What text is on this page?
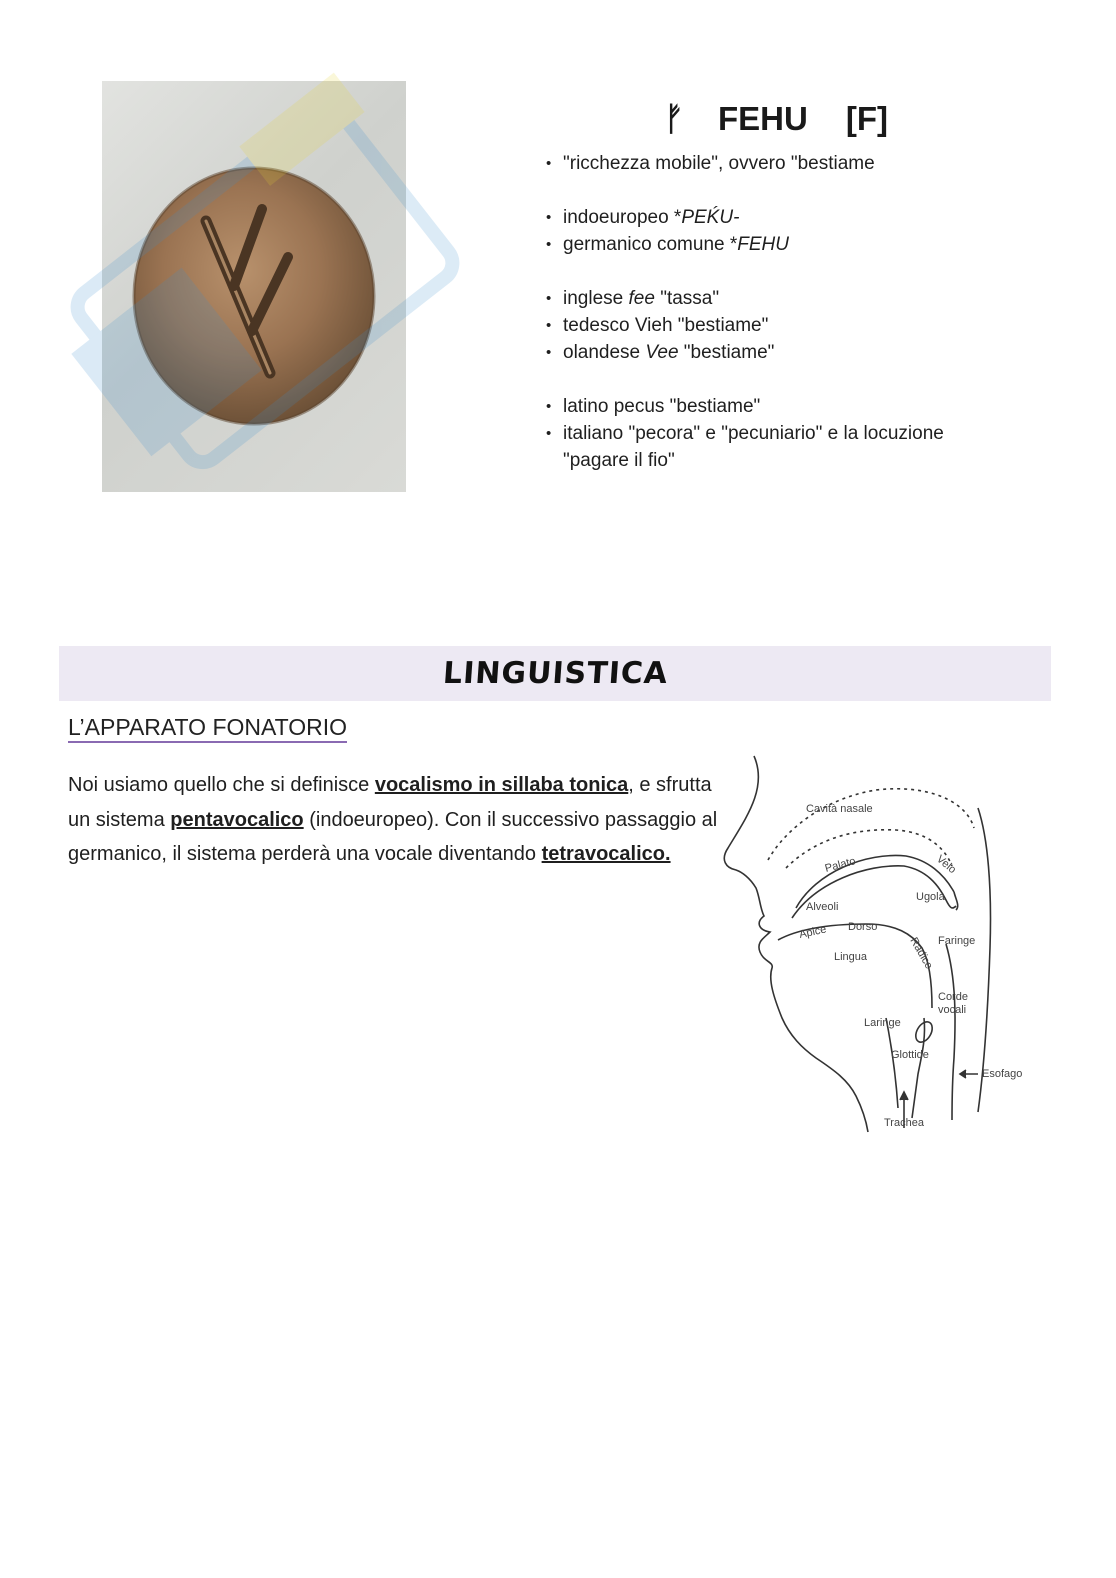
ᚠ	FEHU [F]
• "ricchezza mobile", ovvero "bestiame
• indoeuropeo *PEḰU-
• germanico comune *FEHU
• inglese fee "tassa"
• tedesco Vieh "bestiame"
• olandese Vee "bestiame"
• latino pecus "bestiame"
• italiano "pecora" e "pecuniario" e la locuzione "pagare il fio"
LINGUISTICA
L’APPARATO FONATORIO

Noi usiamo quello che si definisce vocalismo in sillaba tonica, e sfrutta un sistema pentavocalico (indoeuropeo). Con il successivo passaggio al germanico, il sistema perderà una vocale diventando tetravocalico.

Cavità nasale
Palato	Velo
Ugola
Alveoli
Apice Dorso
Radice
Lingua
Faringe
Corde
vocali
Laringe
Glottide
Esofago
Trachea
